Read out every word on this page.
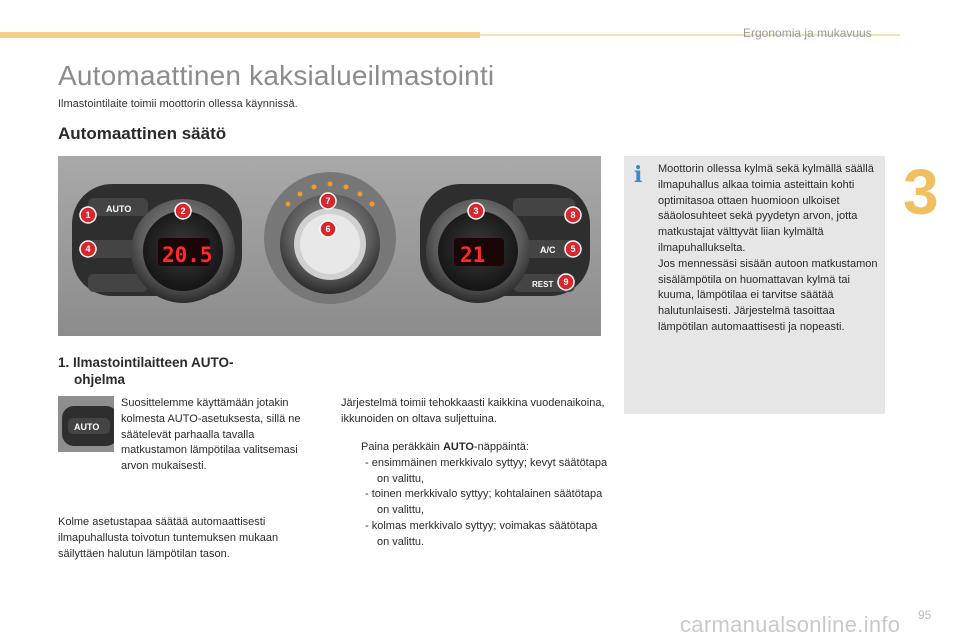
Ergonomia ja mukavuus
3
Automaattinen kaksialueilmastointi
Ilmastointilaite toimii moottorin ollessa käynnissä.
Automaattinen säätö
AUTO
20.5	A/C
REST
21
1	2	3
4	5
6
7
8
9
i Moottorin ollessa kylmä sekä kylmällä säällä ilmapuhallus alkaa toimia asteittain kohti optimitasoa ottaen huomioon ulkoiset sääolosuhteet sekä pyydetyn arvon, jotta matkustajat välttyvät liian kylmältä ilmapuhallukselta.
Jos mennessäsi sisään autoon matkustamon sisälämpötila on huomattavan kylmä tai kuuma, lämpötilaa ei tarvitse säätää halutunlaisesti. Järjestelmä tasoittaa lämpötilan automaattisesti ja nopeasti.
1. Ilmastointilaitteen AUTO-
ohjelma
AUTO
Suosittelemme käyttämään jotakin kolmesta AUTO-asetuksesta, sillä ne säätelevät parhaalla tavalla matkustamon lämpötilaa valitsemasi arvon mukaisesti.
Kolme asetustapaa säätää automaattisesti ilmapuhallusta toivotun tuntemuksen mukaan säilyttäen halutun lämpötilan tason.
Järjestelmä toimii tehokkaasti kaikkina vuodenaikoina, ikkunoiden on oltava suljettuina.
Paina peräkkäin AUTO-näppäintä:
- ensimmäinen merkkivalo syttyy; kevyt säätötapa on valittu,
- toinen merkkivalo syttyy; kohtalainen säätötapa on valittu,
- kolmas merkkivalo syttyy; voimakas säätötapa on valittu.
carmanualsonline.info 95
